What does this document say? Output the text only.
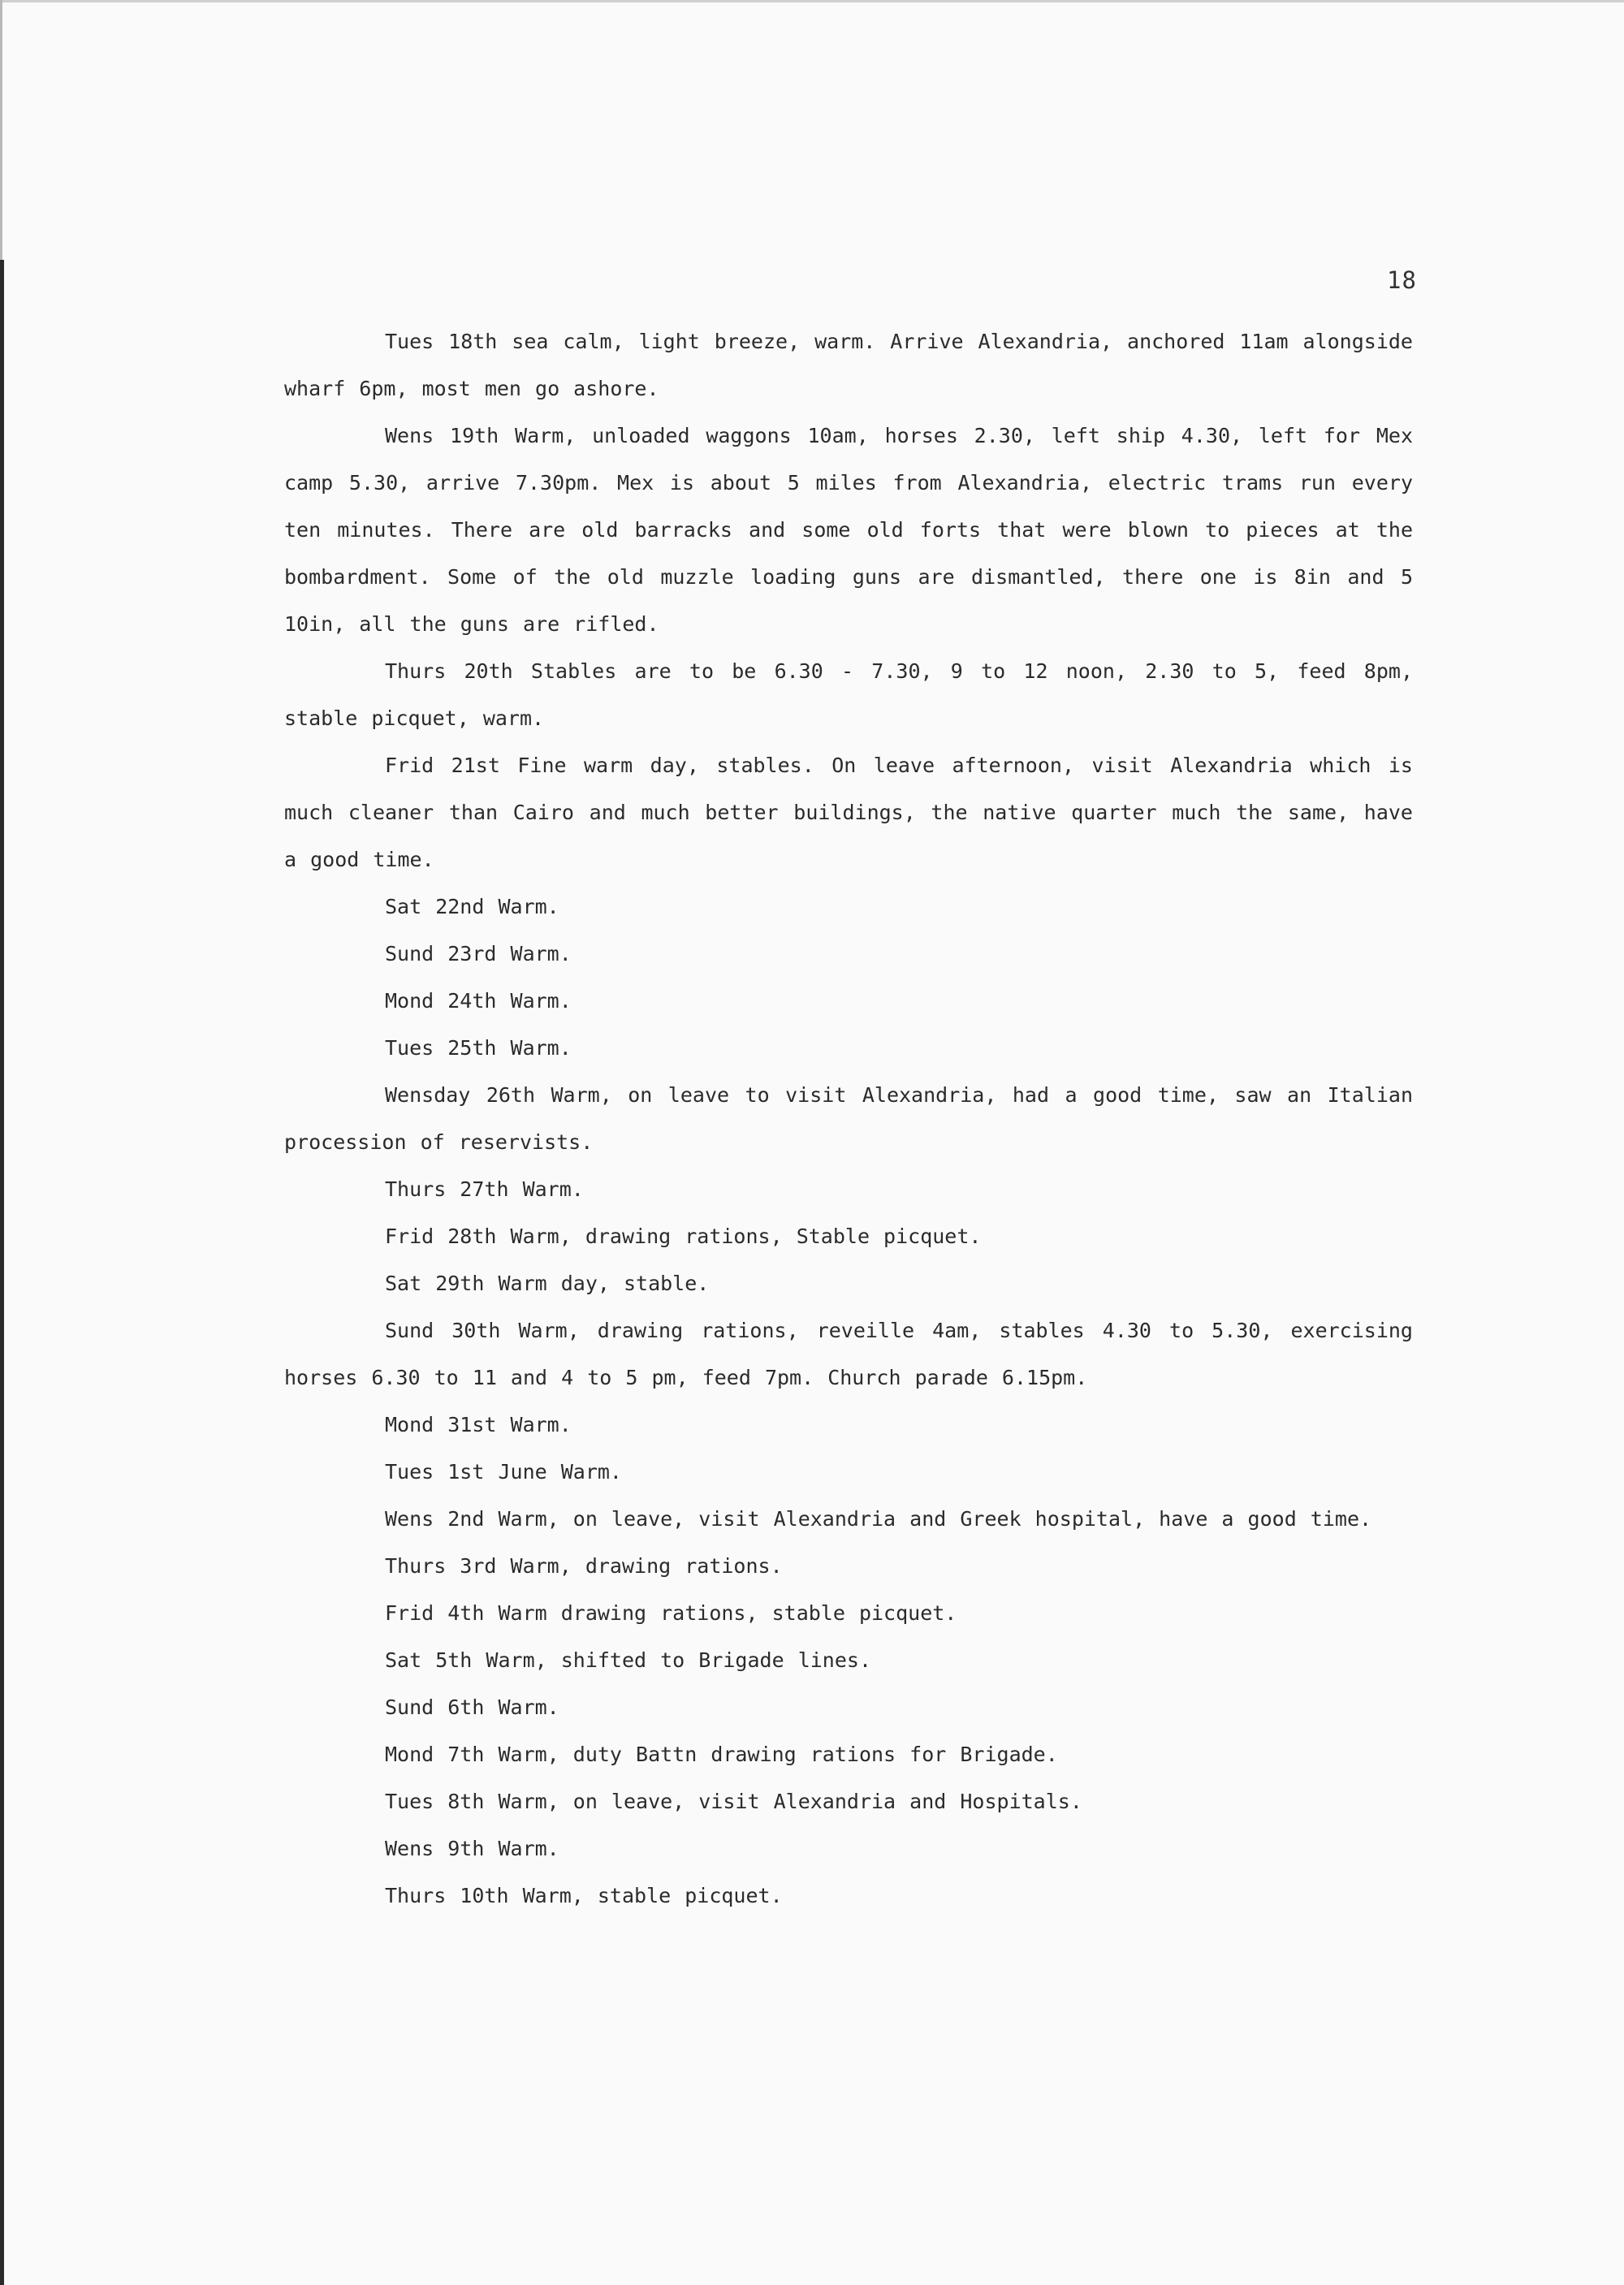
18

Tues 18th sea calm, light breeze, warm. Arrive Alexandria, anchored 11am alongside wharf 6pm, most men go ashore.

Wens 19th Warm, unloaded waggons 10am, horses 2.30, left ship 4.30, left for Mex camp 5.30, arrive 7.30pm. Mex is about 5 miles from Alexandria, electric trams run every ten minutes. There are old barracks and some old forts that were blown to pieces at the bombardment. Some of the old muzzle loading guns are dismantled, there one is 8in and 5 10in, all the guns are rifled.

Thurs 20th Stables are to be 6.30 - 7.30, 9 to 12 noon, 2.30 to 5, feed 8pm, stable picquet, warm.

Frid 21st Fine warm day, stables. On leave afternoon, visit Alexandria which is much cleaner than Cairo and much better buildings, the native quarter much the same, have a good time.

Sat 22nd Warm.

Sund 23rd Warm.

Mond 24th Warm.

Tues 25th Warm.

Wensday 26th Warm, on leave to visit Alexandria, had a good time, saw an Italian procession of reservists.

Thurs 27th Warm.

Frid 28th Warm, drawing rations, Stable picquet.

Sat 29th Warm day, stable.

Sund 30th Warm, drawing rations, reveille 4am, stables 4.30 to 5.30, exercising horses 6.30 to 11 and 4 to 5 pm, feed 7pm. Church parade 6.15pm.

Mond 31st Warm.

Tues 1st June Warm.

Wens 2nd Warm, on leave, visit Alexandria and Greek hospital, have a good time.

Thurs 3rd Warm, drawing rations.

Frid 4th Warm drawing rations, stable picquet.

Sat 5th Warm, shifted to Brigade lines.

Sund 6th Warm.

Mond 7th Warm, duty Battn drawing rations for Brigade.

Tues 8th Warm, on leave, visit Alexandria and Hospitals.

Wens 9th Warm.

Thurs 10th Warm, stable picquet.
